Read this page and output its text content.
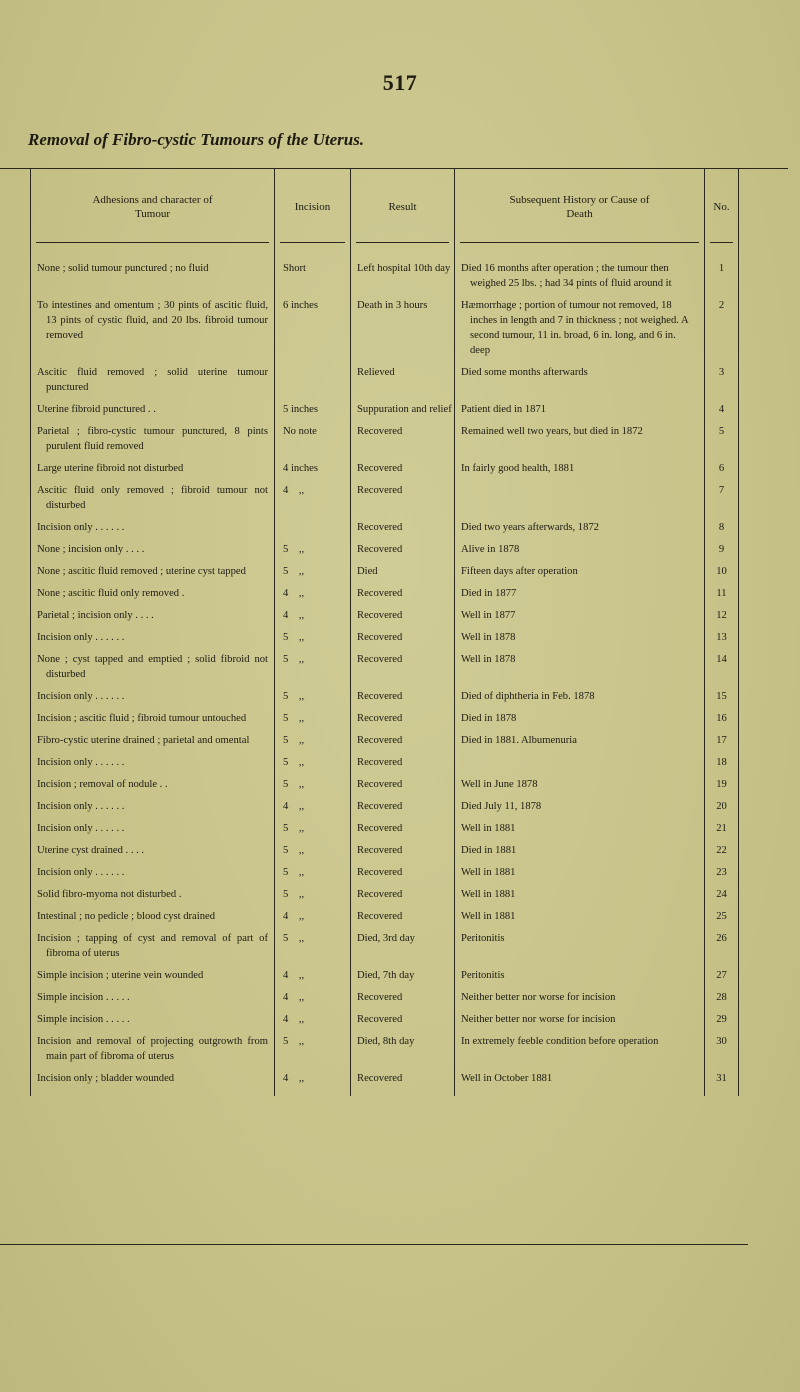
517
Removal of Fibro-cystic Tumours of the Uterus.
Adhesions and character of Tumour	Incision	Result	Subsequent History or Cause of Death	No.

None ; solid tumour punctured ; no fluid	Short	Left hospital 10th day	Died 16 months after operation ; the tumour then weighed 25 lbs. ; had 34 pints of fluid around it	1

To intestines and omentum ; 30 pints of ascitic fluid, 13 pints of cystic fluid, and 20 lbs. fibroid tumour removed	6 inches	Death in 3 hours	Hæmorrhage ; portion of tumour not removed, 18 inches in length and 7 in thickness ; not weighed. A second tumour, 11 in. broad, 6 in. long, and 6 in. deep	2

Ascitic fluid removed ; solid uterine tumour punctured		Relieved	Died some months afterwards	3

Uterine fibroid punctured . .	5 inches	Suppuration and relief	Patient died in 1871	4

Parietal ; fibro-cystic tumour punctured, 8 pints purulent fluid removed	No note	Recovered	Remained well two years, but died in 1872	5

Large uterine fibroid not disturbed	4 inches	Recovered	In fairly good health, 1881	6

Ascitic fluid only removed ; fibroid tumour not disturbed	4    ,,	Recovered		7

Incision only . . . . . .		Recovered	Died two years afterwards, 1872	8

None ; incision only . . . .	5    ,,	Recovered	Alive in 1878	9

None ; ascitic fluid removed ; uterine cyst tapped	5    ,,	Died	Fifteen days after operation	10

None ; ascitic fluid only removed .	4    ,,	Recovered	Died in 1877	11

Parietal ; incision only . . . .	4    ,,	Recovered	Well in 1877	12

Incision only . . . . . .	5    ,,	Recovered	Well in 1878	13

None ; cyst tapped and emptied ; solid fibroid not disturbed	5    ,,	Recovered	Well in 1878	14

Incision only . . . . . .	5    ,,	Recovered	Died of diphtheria in Feb. 1878	15

Incision ; ascitic fluid ; fibroid tumour untouched	5    ,,	Recovered	Died in 1878	16

Fibro-cystic uterine drained ; parietal and omental	5    ,,	Recovered	Died in 1881. Albumenuria	17

Incision only . . . . . .	5    ,,	Recovered		18

Incision ; removal of nodule . .	5    ,,	Recovered	Well in June 1878	19

Incision only . . . . . .	4    ,,	Recovered	Died July 11, 1878	20

Incision only . . . . . .	5    ,,	Recovered	Well in 1881	21

Uterine cyst drained . . . .	5    ,,	Recovered	Died in 1881	22

Incision only . . . . . .	5    ,,	Recovered	Well in 1881	23

Solid fibro-myoma not disturbed .	5    ,,	Recovered	Well in 1881	24

Intestinal ; no pedicle ; blood cyst drained	4    ,,	Recovered	Well in 1881	25

Incision ; tapping of cyst and removal of part of fibroma of uterus	5    ,,	Died, 3rd day	Peritonitis	26

Simple incision ; uterine vein wounded	4    ,,	Died, 7th day	Peritonitis	27

Simple incision . . . . .	4    ,,	Recovered	Neither better nor worse for incision	28

Simple incision . . . . .	4    ,,	Recovered	Neither better nor worse for incision	29

Incision and removal of projecting outgrowth from main part of fibroma of uterus	5    ,,	Died, 8th day	In extremely feeble condition before operation	30

Incision only ; bladder wounded	4    ,,	Recovered	Well in October 1881	31
